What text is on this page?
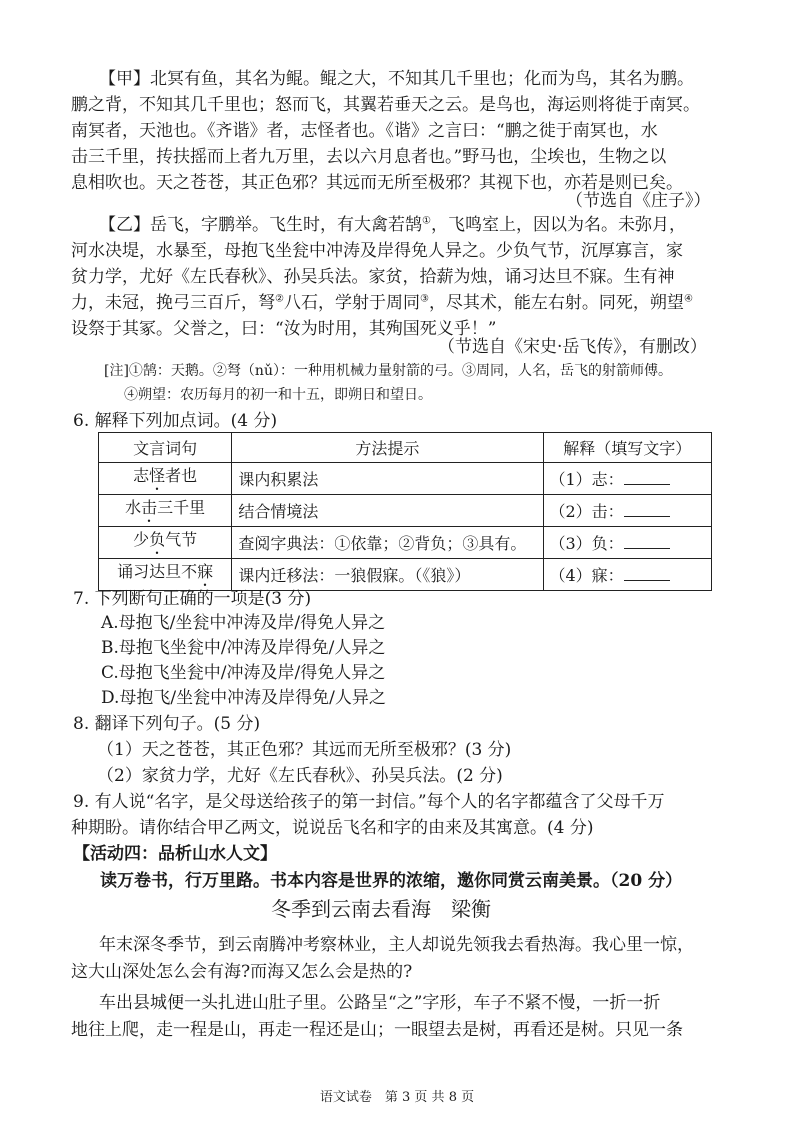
【甲】北冥有鱼，其名为鲲。鲲之大，不知其几千里也；化而为鸟，其名为鹏。
鹏之背，不知其几千里也；怒而飞，其翼若垂天之云。是鸟也，海运则将徙于南冥。
南冥者，天池也。《齐谐》者，志怪者也。《谐》之言曰：“鹏之徙于南冥也，水
击三千里，抟扶摇而上者九万里，去以六月息者也。”野马也，尘埃也，生物之以
息相吹也。天之苍苍，其正色邪？其远而无所至极邪？其视下也，亦若是则已矣。
（节选自《庄子》）
【乙】岳飞，字鹏举。飞生时，有大禽若鹄①，飞鸣室上，因以为名。未弥月，
河水决堤，水暴至，母抱飞坐瓮中冲涛及岸得免人异之。少负气节，沉厚寡言，家
贫力学，尤好《左氏春秋》、孙吴兵法。家贫，拾薪为烛，诵习达旦不寐。生有神
力，未冠，挽弓三百斤，弩②八石，学射于周同③，尽其术，能左右射。同死，朔望④
设祭于其冢。父誉之，曰：“汝为时用，其殉国死义乎！”
（节选自《宋史·岳飞传》，有删改）
[注]①鹄：天鹅。②弩（nǔ）：一种用机械力量射箭的弓。③周同，人名，岳飞的射箭师傅。
④朔望：农历每月的初一和十五，即朔日和望日。
6. 解释下列加点词。(4 分)
文言词句	方法提示	解释（填写文字）
志怪者也	课内积累法	（1）志：
水击三千里	结合情境法	（2）击：
少负气节	查阅字典法：①依靠；②背负；③具有。	（3）负：
诵习达旦不寐	课内迁移法：一狼假寐。（《狼》）	（4）寐：
7. 下列断句正确的一项是(3 分)
A.母抱飞/坐瓮中冲涛及岸/得免人异之
B.母抱飞坐瓮中/冲涛及岸得免/人异之
C.母抱飞坐瓮中/冲涛及岸/得免人异之
D.母抱飞/坐瓮中冲涛及岸得免/人异之
8. 翻译下列句子。(5 分)
（1）天之苍苍，其正色邪？其远而无所至极邪？(3 分)
（2）家贫力学，尤好《左氏春秋》、孙吴兵法。(2 分)
9. 有人说“名字，是父母送给孩子的第一封信。”每个人的名字都蕴含了父母千万
种期盼。请你结合甲乙两文，说说岳飞名和字的由来及其寓意。(4 分)
【活动四：品析山水人文】
读万卷书，行万里路。书本内容是世界的浓缩，邀你同赏云南美景。（20 分）
冬季到云南去看海　 梁衡
年末深冬季节，到云南腾冲考察林业，主人却说先领我去看热海。我心里一惊，
这大山深处怎么会有海?而海又怎么会是热的?
车出县城便一头扎进山肚子里。公路呈“之”字形，车子不紧不慢，一折一折
地往上爬，走一程是山，再走一程还是山；一眼望去是树，再看还是树。只见一条
语文试卷　第 3 页 共 8 页
